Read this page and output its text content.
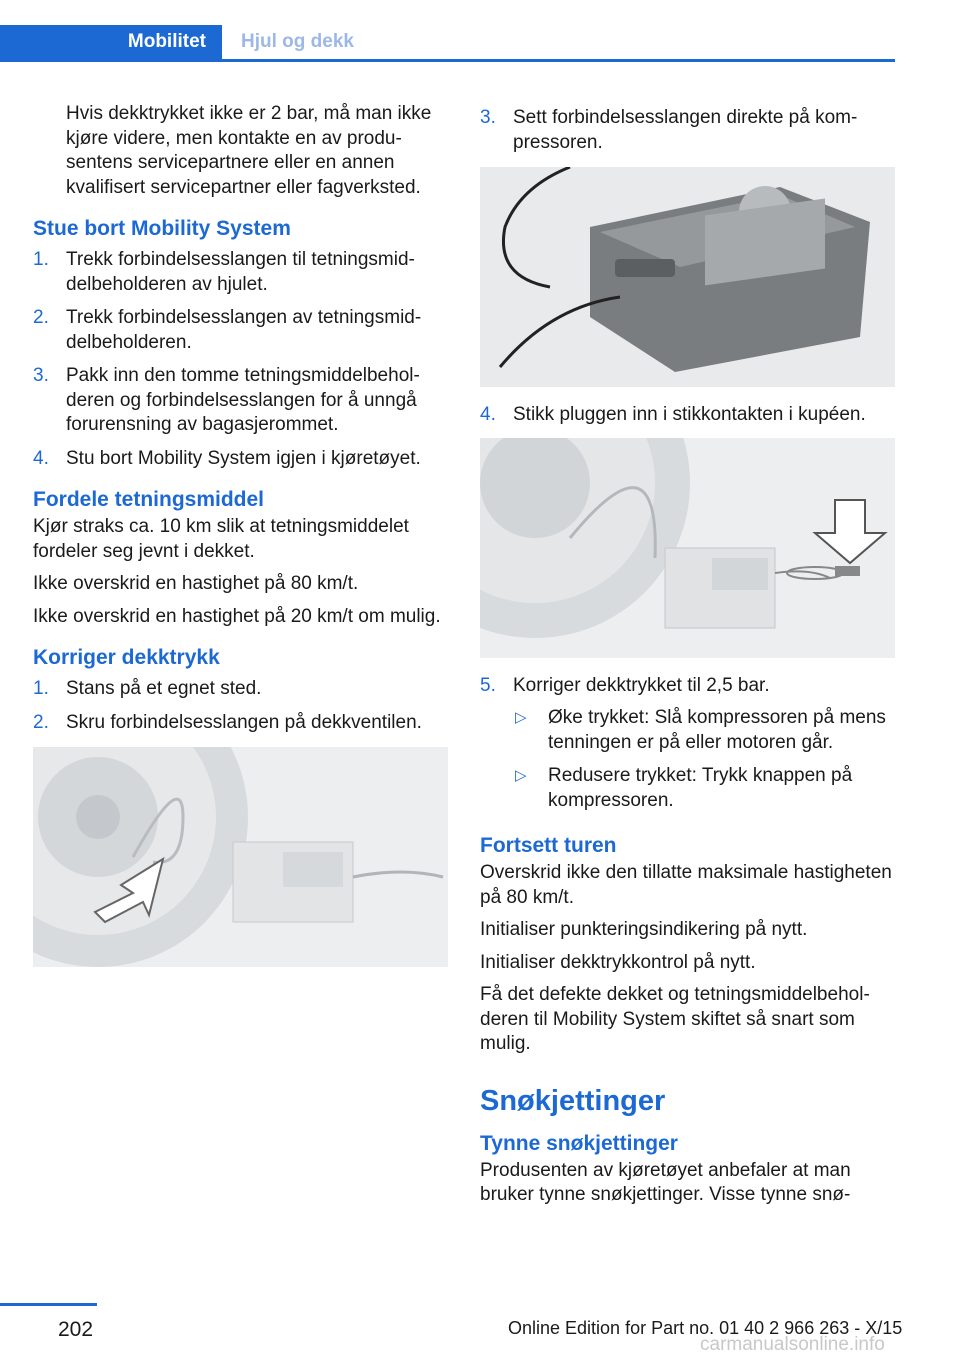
Mobilitet Hjul og dekk

Hvis dekktrykket ikke er 2 bar, må man ikke kjøre videre, men kontakte en av produsentens servicepartnere eller en annen kvalifisert servicepartner eller fagverksted.

Stue bort Mobility System
1. Trekk forbindelsesslangen til tetningsmiddelbeholderen av hjulet.
2. Trekk forbindelsesslangen av tetningsmiddelbeholderen.
3. Pakk inn den tomme tetningsmiddelbeholderen og forbindelsesslangen for å unngå forurensning av bagasjerommet.
4. Stu bort Mobility System igjen i kjøretøyet.
Fordele tetningsmiddel

Kjør straks ca. 10 km slik at tetningsmiddelet fordeler seg jevnt i dekket.

Ikke overskrid en hastighet på 80 km/t.

Ikke overskrid en hastighet på 20 km/t om mulig.

Korriger dekktrykk
1. Stans på et egnet sted.
2. Skru forbindelsesslangen på dekkventilen.
3. Sett forbindelsesslangen direkte på kompressoren.
4. Stikk pluggen inn i stikkontakten i kupéen.
5. Korriger dekktrykket til 2,5 bar.
▷ Øke trykket: Slå kompressoren på mens tenningen er på eller motoren går.
▷ Redusere trykket: Trykk knappen på kompressoren.
Fortsett turen

Overskrid ikke den tillatte maksimale hastigheten på 80 km/t.

Initialiser punkteringsindikering på nytt.

Initialiser dekktrykkontrol på nytt.

Få det defekte dekket og tetningsmiddelbeholderen til Mobility System skiftet så snart som mulig.

Snøkjettinger
Tynne snøkjettinger

Produsenten av kjøretøyet anbefaler at man bruker tynne snøkjettinger. Visse tynne snø-

202	Online Edition for Part no. 01 40 2 966 263 - X/15
carmanualsonline.info
